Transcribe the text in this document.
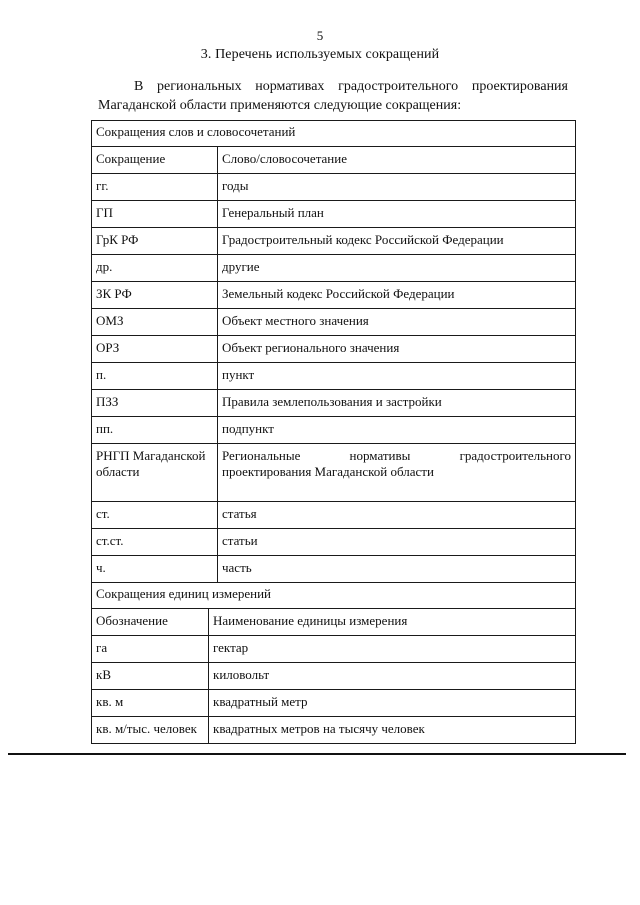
5
3. Перечень используемых сокращений
В региональных нормативах градостроительного проектирования
Магаданской области применяются следующие сокращения:
Сокращения слов и словосочетаний		
Сокращение		Слово/словосочетание
гг.		годы
ГП		Генеральный план
ГрК РФ		Градостроительный кодекс Российской Федерации
др.		другие
ЗК РФ		Земельный кодекс Российской Федерации
ОМЗ		Объект местного значения
ОРЗ		Объект регионального значения
п.		пункт
ПЗЗ		Правила землепользования и застройки
пп.		подпункт
РНГП Магаданской области		Региональные нормативы градостроительного проектирования Магаданской области
ст.		статья
ст.ст.		статьи
ч.		часть
Сокращения единиц измерений		
Обозначение	Наименование единицы измерения	
га	гектар	
кВ	киловольт	
кв. м	квадратный метр	
кв. м/тыс. человек	квадратных метров на тысячу человек	
